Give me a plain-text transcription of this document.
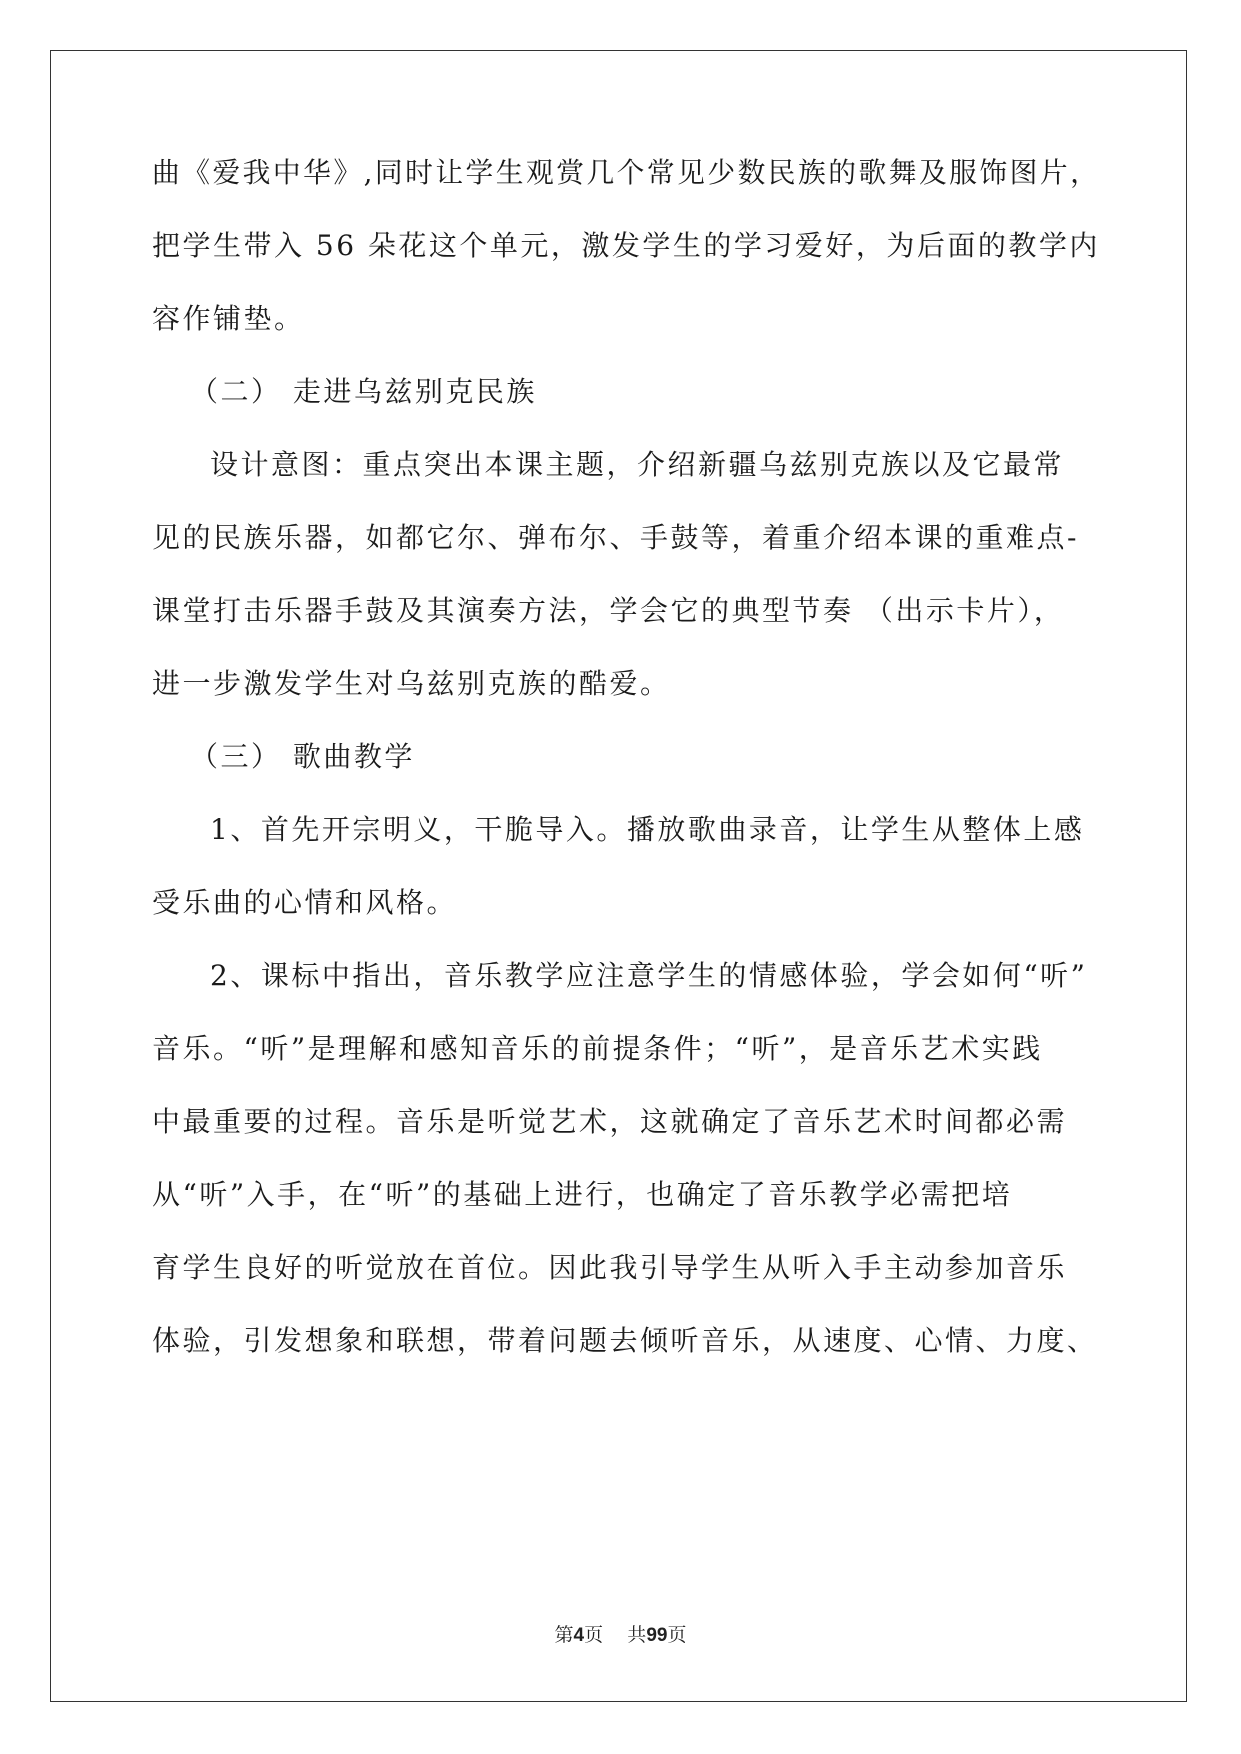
曲《爱我中华》,同时让学生观赏几个常见少数民族的歌舞及服饰图片，
把学生带入 56 朵花这个单元，激发学生的学习爱好，为后面的教学内
容作铺垫。
（二） 走进乌兹别克民族
设计意图：重点突出本课主题，介绍新疆乌兹别克族以及它最常
见的民族乐器，如都它尔、弹布尔、手鼓等，着重介绍本课的重难点-
课堂打击乐器手鼓及其演奏方法，学会它的典型节奏 （出示卡片），
进一步激发学生对乌兹别克族的酷爱。
（三） 歌曲教学
1、首先开宗明义，干脆导入。播放歌曲录音，让学生从整体上感
受乐曲的心情和风格。
2、课标中指出，音乐教学应注意学生的情感体验，学会如何“听”
音乐。“听”是理解和感知音乐的前提条件；“听”，是音乐艺术实践
中最重要的过程。音乐是听觉艺术，这就确定了音乐艺术时间都必需
从“听”入手，在“听”的基础上进行，也确定了音乐教学必需把培
育学生良好的听觉放在首位。因此我引导学生从听入手主动参加音乐
体验，引发想象和联想，带着问题去倾听音乐，从速度、心情、力度、
第4页 共99页
